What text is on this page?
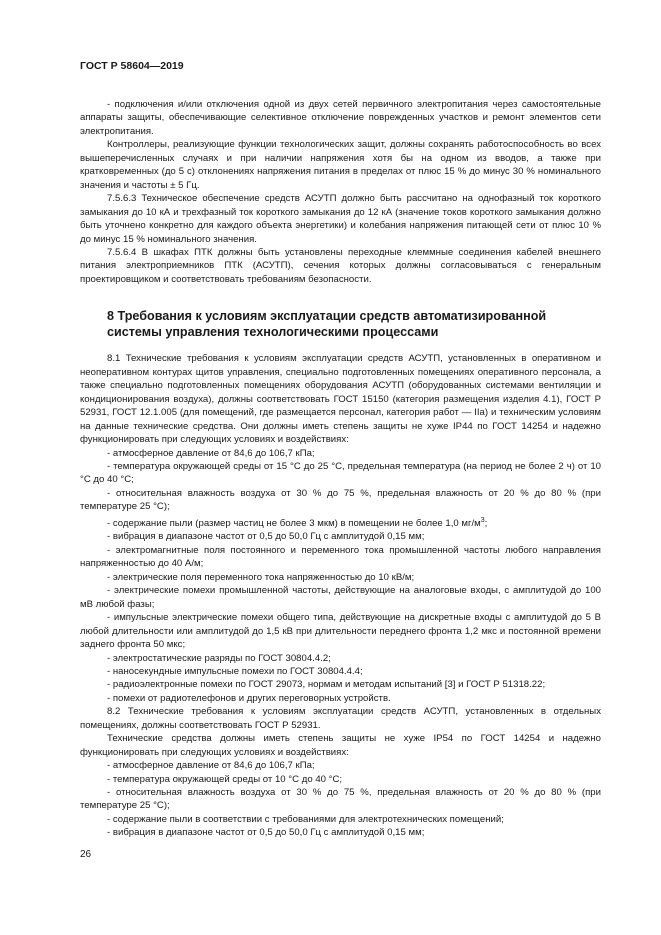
ГОСТ Р 58604—2019

- подключения и/или отключения одной из двух сетей первичного электропитания через самостоятельные аппараты защиты, обеспечивающие селективное отключение поврежденных участков и ремонт элементов сети электропитания.

Контроллеры, реализующие функции технологических защит, должны сохранять работоспособность во всех вышеперечисленных случаях и при наличии напряжения хотя бы на одном из вводов, а также при кратковременных (до 5 с) отклонениях напряжения питания в пределах от плюс 15 % до минус 30 % номинального значения и частоты ± 5 Гц.

7.5.6.3 Техническое обеспечение средств АСУТП должно быть рассчитано на однофазный ток короткого замыкания до 10 кА и трехфазный ток короткого замыкания до 12 кА (значение токов короткого замыкания должно быть уточнено конкретно для каждого объекта энергетики) и колебания напряжения питающей сети от плюс 10 % до минус 15 % номинального значения.

7.5.6.4 В шкафах ПТК должны быть установлены переходные клеммные соединения кабелей внешнего питания электроприемников ПТК (АСУТП), сечения которых должны согласовываться с генеральным проектировщиком и соответствовать требованиям безопасности.

8 Требования к условиям эксплуатации средств автоматизированной
системы управления технологическими процессами

8.1 Технические требования к условиям эксплуатации средств АСУТП, установленных в оперативном и неоперативном контурах щитов управления, специально подготовленных помещениях оперативного персонала, а также специально подготовленных помещениях оборудования АСУТП (оборудованных системами вентиляции и кондиционирования воздуха), должны соответствовать ГОСТ 15150 (категория размещения изделия 4.1), ГОСТ Р 52931, ГОСТ 12.1.005 (для помещений, где размещается персонал, категория работ — IIа) и техническим условиям на данные технические средства. Они должны иметь степень защиты не хуже IP44 по ГОСТ 14254 и надежно функционировать при следующих условиях и воздействиях:

- атмосферное давление от 84,6 до 106,7 кПа;

- температура окружающей среды от 15 °С до 25 °С, предельная температура (на период не более 2 ч) от 10 °С до 40 °С;

- относительная влажность воздуха от 30 % до 75 %, предельная влажность от 20 % до 80 % (при температуре 25 °С);

- содержание пыли (размер частиц не более 3 мкм) в помещении не более 1,0 $мг/м^3$;

- вибрация в диапазоне частот от 0,5 до 50,0 Гц с амплитудой 0,15 мм;

- электромагнитные поля постоянного и переменного тока промышленной частоты любого направления напряженностью до 40 А/м;

- электрические поля переменного тока напряженностью до 10 кВ/м;

- электрические помехи промышленной частоты, действующие на аналоговые входы, с амплитудой до 100 мВ любой фазы;

- импульсные электрические помехи общего типа, действующие на дискретные входы с амплитудой до 5 В любой длительности или амплитудой до 1,5 кВ при длительности переднего фронта 1,2 мкс и постоянной времени заднего фронта 50 мкс;

- электростатические разряды по ГОСТ 30804.4.2;

- наносекундные импульсные помехи по ГОСТ 30804.4.4;

- радиоэлектронные помехи по ГОСТ 29073, нормам и методам испытаний [3] и ГОСТ Р 51318.22;

- помехи от радиотелефонов и других переговорных устройств.

8.2 Технические требования к условиям эксплуатации средств АСУТП, установленных в отдельных помещениях, должны соответствовать ГОСТ Р 52931.

Технические средства должны иметь степень защиты не хуже IP54 по ГОСТ 14254 и надежно функционировать при следующих условиях и воздействиях:

- атмосферное давление от 84,6 до 106,7 кПа;

- температура окружающей среды от 10 °С до 40 °С;

- относительная влажность воздуха от 30 % до 75 %, предельная влажность от 20 % до 80 % (при температуре 25 °С);

- содержание пыли в соответствии с требованиями для электротехнических помещений;

- вибрация в диапазоне частот от 0,5 до 50,0 Гц с амплитудой 0,15 мм;

26
